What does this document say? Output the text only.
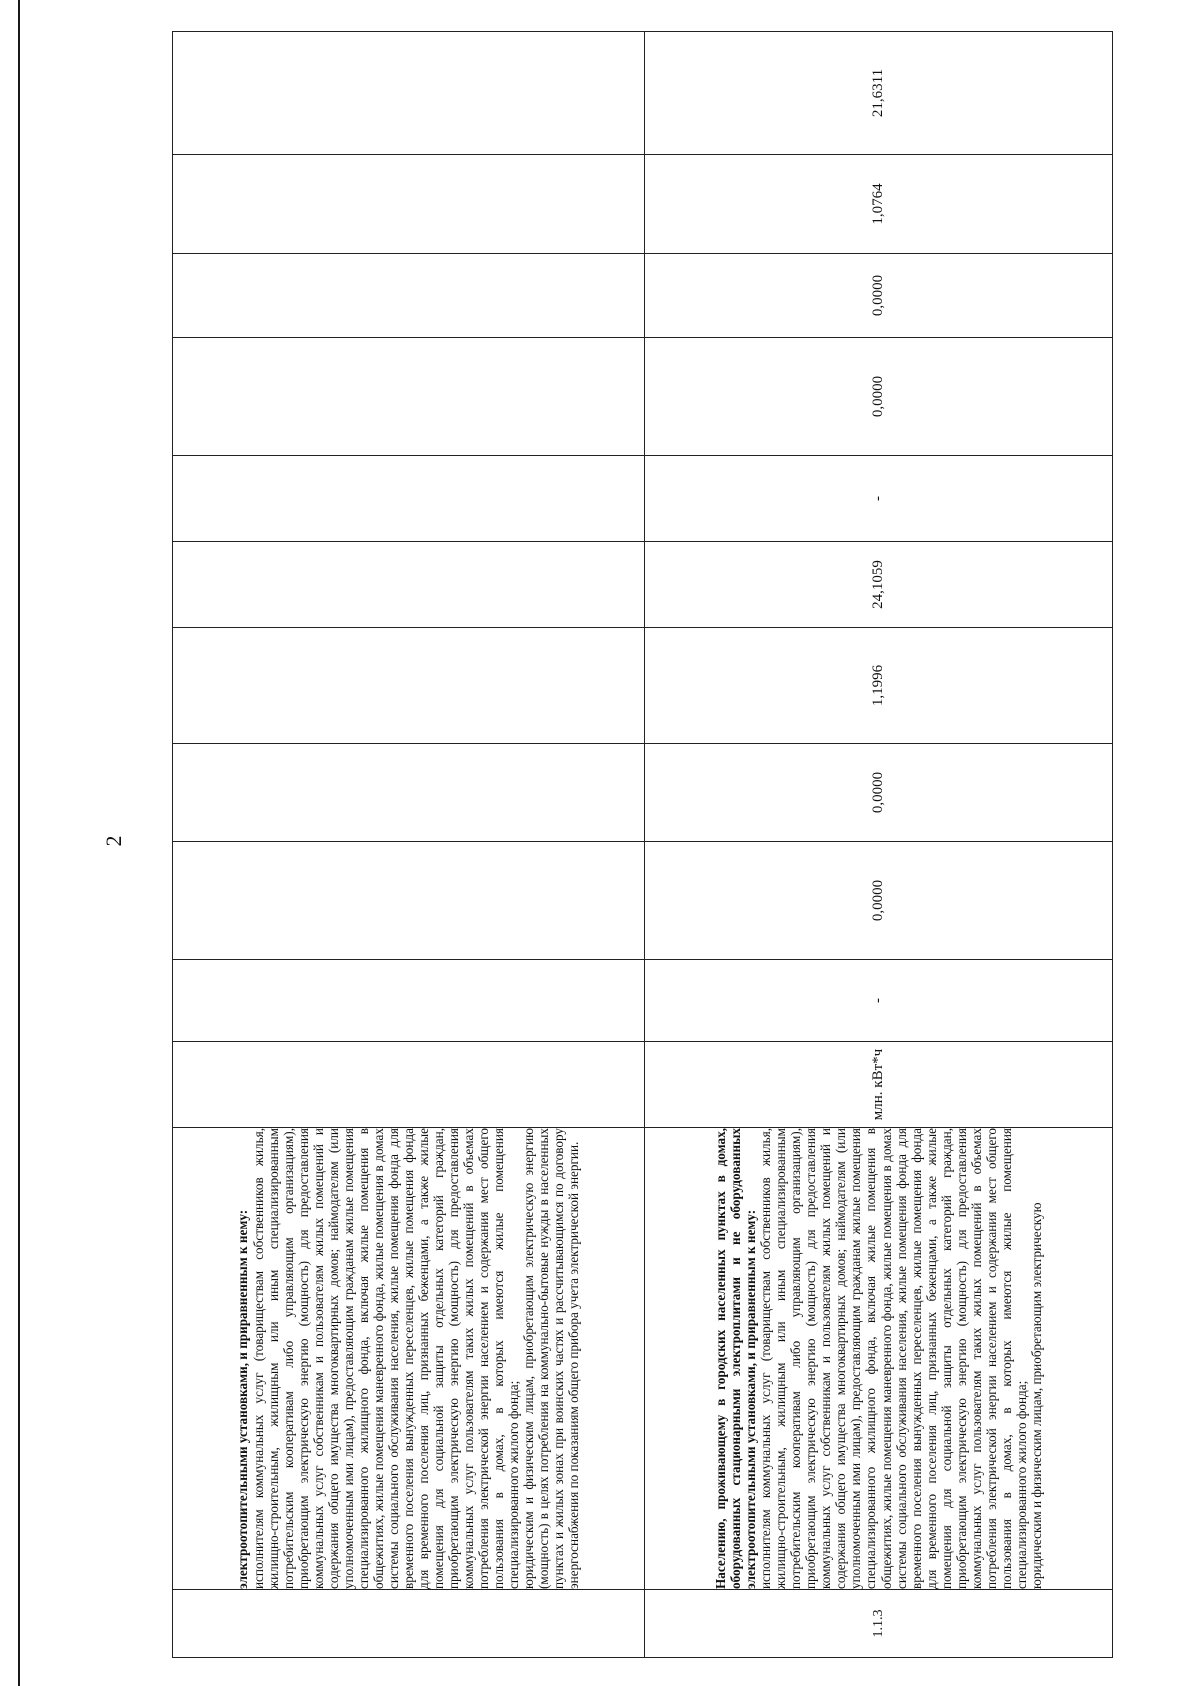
2

	электроотопительными установками, и приравненным к нему: исполнителям коммунальных услуг (товариществам собственников жилья, жилищно-строительным, жилищным или иным специализированным потребительским кооперативам либо управляющим организациям), приобретающим электрическую энергию (мощность) для предоставления коммунальных услуг собственникам и пользователям жилых помещений и содержания общего имущества многоквартирных домов; наймодателям (или уполномоченным ими лицам), предоставляющим гражданам жилые помещения специализированного жилищного фонда, включая жилые помещения в общежитиях, жилые помещения маневренного фонда, жилые помещения в домах системы социального обслуживания населения, жилые помещения фонда для временного поселения вынужденных переселенцев, жилые помещения фонда для временного поселения лиц, признанных беженцами, а также жилые помещения для социальной защиты отдельных категорий граждан, приобретающим электрическую энергию (мощность) для предоставления коммунальных услуг пользователям таких жилых помещений в объемах потребления электрической энергии населением и содержания мест общего пользования в домах, в которых имеются жилые помещения специализированного жилого фонда; юридическим и физическим лицам, приобретающим электрическую энергию (мощность) в целях потребления на коммунально-бытовые нужды в населенных пунктах и жилых зонах при воинских частях и рассчитывающимся по договору энергоснабжения по показаниям общего прибора учета электрической энергии.											

1.1.3	Населению, проживающему в городских населенных пунктах в домах, оборудованных стационарными электроплитами и не оборудованных электроотопительными установками, и приравненным к нему: исполнителям коммунальных услуг (товариществам собственников жилья, жилищно-строительным, жилищным или иным специализированным потребительским кооперативам либо управляющим организациям), приобретающим электрическую энергию (мощность) для предоставления коммунальных услуг собственникам и пользователям жилых помещений и содержания общего имущества многоквартирных домов; наймодателям (или уполномоченным ими лицам), предоставляющим гражданам жилые помещения специализированного жилищного фонда, включая жилые помещения в общежитиях, жилые помещения маневренного фонда, жилые помещения в домах системы социального обслуживания населения, жилые помещения фонда для временного поселения вынужденных переселенцев, жилые помещения фонда для временного поселения лиц, признанных беженцами, а также жилые помещения для социальной защиты отдельных категорий граждан, приобретающим электрическую энергию (мощность) для предоставления коммунальных услуг пользователям таких жилых помещений в объемах потребления электрической энергии населением и содержания мест общего пользования в домах, в которых имеются жилые помещения специализированного жилого фонда; юридическим и физическим лицам, приобретающим электрическую	млн. кВт*ч	-	0,0000	0,0000	1,1996	24,1059	-	0,0000	0,0000	1,0764	21,6311
